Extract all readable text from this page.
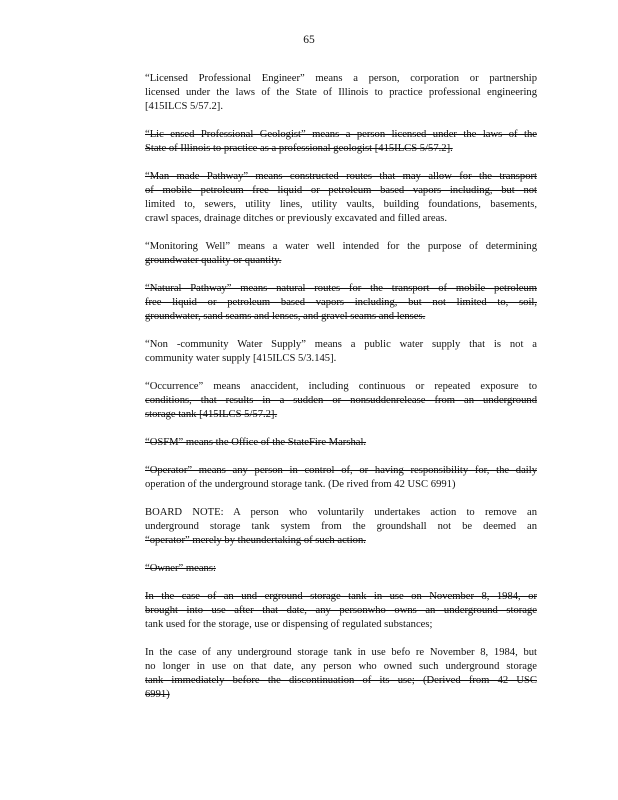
65
“Licensed Professional Engineer” means a person, corporation or partnership
licensed under the laws of the State of Illinois to practice professional engineering
[415ILCS 5/57.2].
“Lic ensed Professional Geologist” means a person licensed under the laws of the
State of Illinois to practice as a professional geologist [415ILCS 5/57.2].
“Man made Pathway” means constructed routes that may allow for the transport
of mobile petroleum free liquid or petroleum based vapors including, but not
limited to, sewers, utility lines, utility vaults, building foundations, basements,
crawl spaces, drainage ditches or previously excavated and filled areas.
“Monitoring Well” means a water well intended for the purpose of determining
groundwater quality or quantity.
“Natural Pathway” means natural routes for the transport of mobile petroleum
free liquid or petroleum based vapors including, but not limited to, soil,
groundwater, sand seams and lenses, and gravel seams and lenses.
“Non -community Water Supply” means a public water supply that is not a
community water supply [415ILCS 5/3.145].
“Occurrence” means anaccident, including continuous or repeated exposure to
conditions, that results in a sudden or nonsuddenrelease from an underground
storage tank [415ILCS 5/57.2].
“OSFM” means the Office of the StateFire Marshal.
“Operator” means any person in control of, or having responsibility for, the daily
operation of the underground storage tank. (De rived from 42 USC 6991)
BOARD NOTE: A person who voluntarily undertakes action to remove an
underground storage tank system from the groundshall not be deemed an
“operator” merely by theundertaking of such action.
“Owner” means:
In the case of an und erground storage tank in use on November 8, 1984, or
brought into use after that date, any personwho owns an underground storage
tank used for the storage, use or dispensing of regulated substances;
In the case of any underground storage tank in use befo re November 8, 1984, but
no longer in use on that date, any person who owned such underground storage
tank immediately before the discontinuation of its use; (Derived from 42 USC
6991)
